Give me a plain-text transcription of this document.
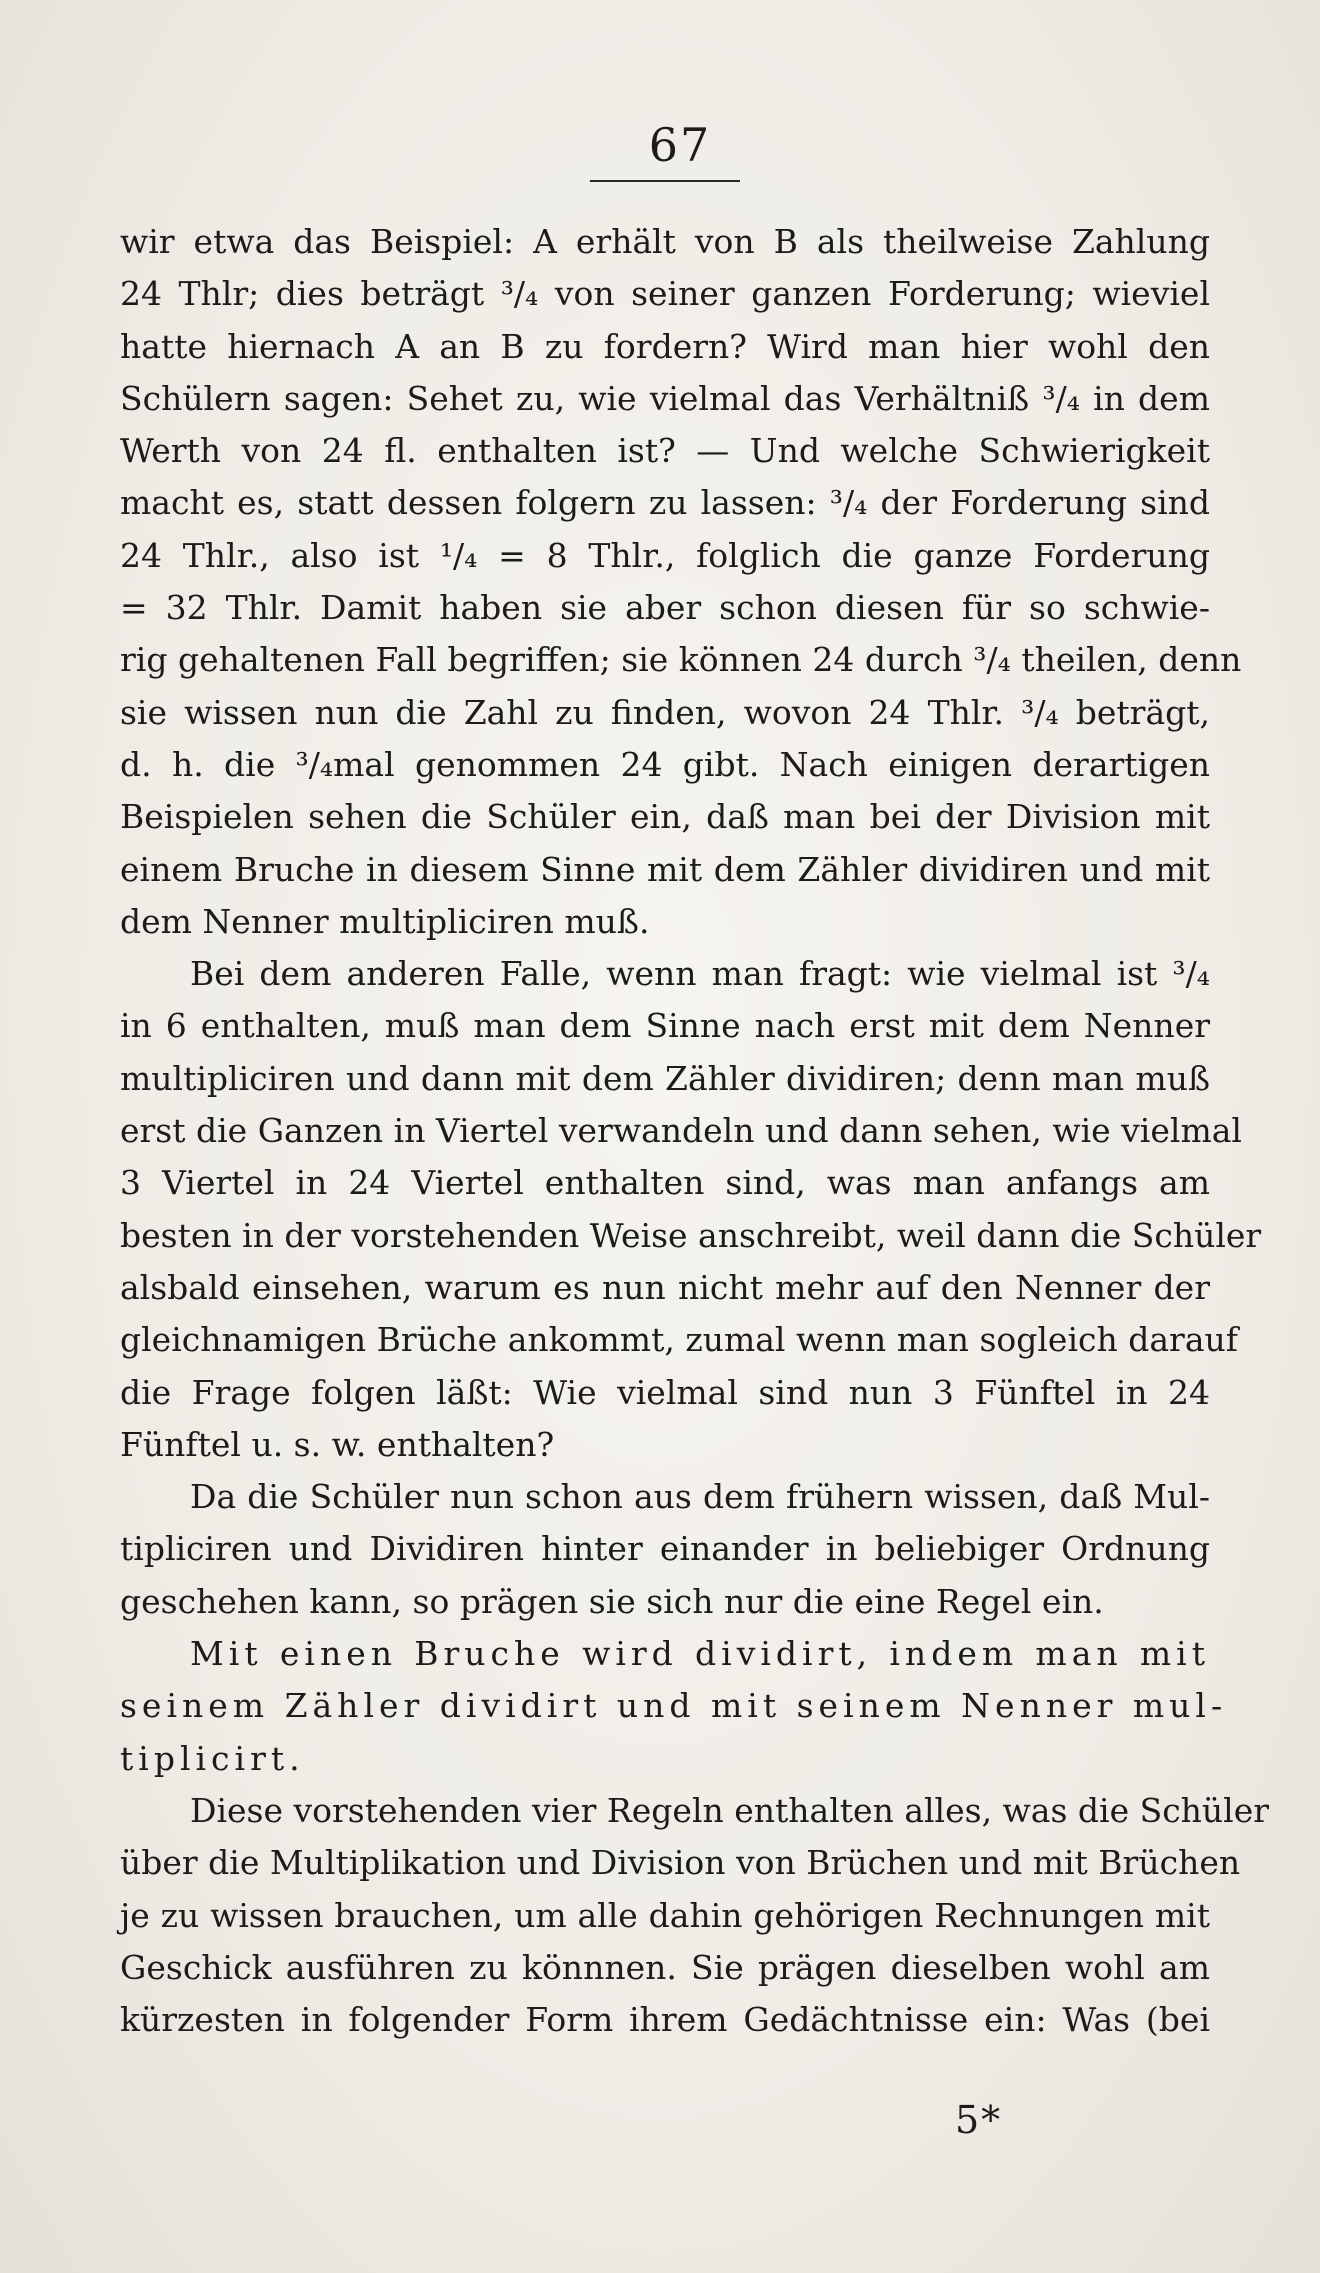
67
wir etwa das Beispiel: A erhält von B als theilweise Zahlung
24 Thlr; dies beträgt ³/₄ von seiner ganzen Forderung; wieviel
hatte hiernach A an B zu fordern? Wird man hier wohl den
Schülern sagen: Sehet zu, wie vielmal das Verhältniß ³/₄ in dem
Werth von 24 fl. enthalten ist? — Und welche Schwierigkeit
macht es, statt dessen folgern zu lassen: ³/₄ der Forderung sind
24 Thlr., also ist ¹/₄ = 8 Thlr., folglich die ganze Forderung
= 32 Thlr. Damit haben sie aber schon diesen für so schwie-
rig gehaltenen Fall begriffen; sie können 24 durch ³/₄ theilen, denn
sie wissen nun die Zahl zu finden, wovon 24 Thlr. ³/₄ beträgt,
d. h. die ³/₄mal genommen 24 gibt. Nach einigen derartigen
Beispielen sehen die Schüler ein, daß man bei der Division mit
einem Bruche in diesem Sinne mit dem Zähler dividiren und mit
dem Nenner multipliciren muß.
Bei dem anderen Falle, wenn man fragt: wie vielmal ist ³/₄
in 6 enthalten, muß man dem Sinne nach erst mit dem Nenner
multipliciren und dann mit dem Zähler dividiren; denn man muß
erst die Ganzen in Viertel verwandeln und dann sehen, wie vielmal
3 Viertel in 24 Viertel enthalten sind, was man anfangs am
besten in der vorstehenden Weise anschreibt, weil dann die Schüler
alsbald einsehen, warum es nun nicht mehr auf den Nenner der
gleichnamigen Brüche ankommt, zumal wenn man sogleich darauf
die Frage folgen läßt: Wie vielmal sind nun 3 Fünftel in 24
Fünftel u. s. w. enthalten?
Da die Schüler nun schon aus dem frühern wissen, daß Mul-
tipliciren und Dividiren hinter einander in beliebiger Ordnung
geschehen kann, so prägen sie sich nur die eine Regel ein.
Mit einen Bruche wird dividirt, indem man mit
seinem Zähler dividirt und mit seinem Nenner mul-
tiplicirt.
Diese vorstehenden vier Regeln enthalten alles, was die Schüler
über die Multiplikation und Division von Brüchen und mit Brüchen
je zu wissen brauchen, um alle dahin gehörigen Rechnungen mit
Geschick ausführen zu könnnen. Sie prägen dieselben wohl am
kürzesten in folgender Form ihrem Gedächtnisse ein: Was (bei
5*
